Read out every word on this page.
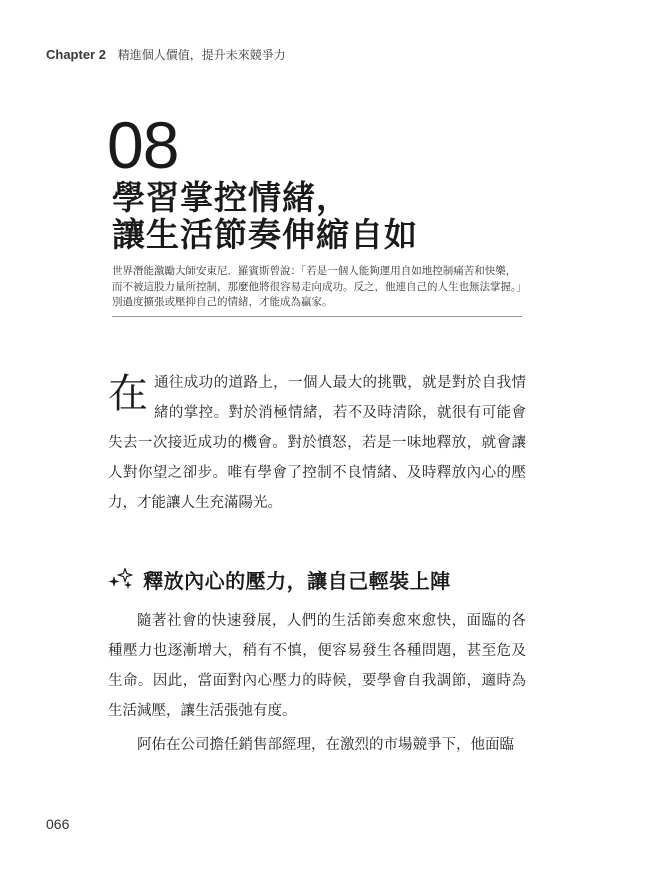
Chapter 2 精進個人價值，提升未來競爭力
08
學習掌控情緒，
讓生活節奏伸縮自如
世界潛能激勵大師安東尼．羅賓斯曾說：「若是一個人能夠運用自如地控制痛苦和快樂，而不被這股力量所控制，那麼他將很容易走向成功。反之，他連自己的人生也無法掌握。」別過度擴張或壓抑自己的情緒，才能成為贏家。
在 通往成功的道路上，一個人最大的挑戰，就是對於自我情緒的掌控。對於消極情緒，若不及時清除，就很有可能會失去一次接近成功的機會。對於憤怒，若是一味地釋放，就會讓人對你望之卻步。唯有學會了控制不良情緒、及時釋放內心的壓力，才能讓人生充滿陽光。
釋放內心的壓力，讓自己輕裝上陣
隨著社會的快速發展，人們的生活節奏愈來愈快，面臨的各種壓力也逐漸增大，稍有不慎，便容易發生各種問題，甚至危及生命。因此，當面對內心壓力的時候，要學會自我調節，適時為生活減壓，讓生活張弛有度。
阿佑在公司擔任銷售部經理，在激烈的市場競爭下，他面臨
066
